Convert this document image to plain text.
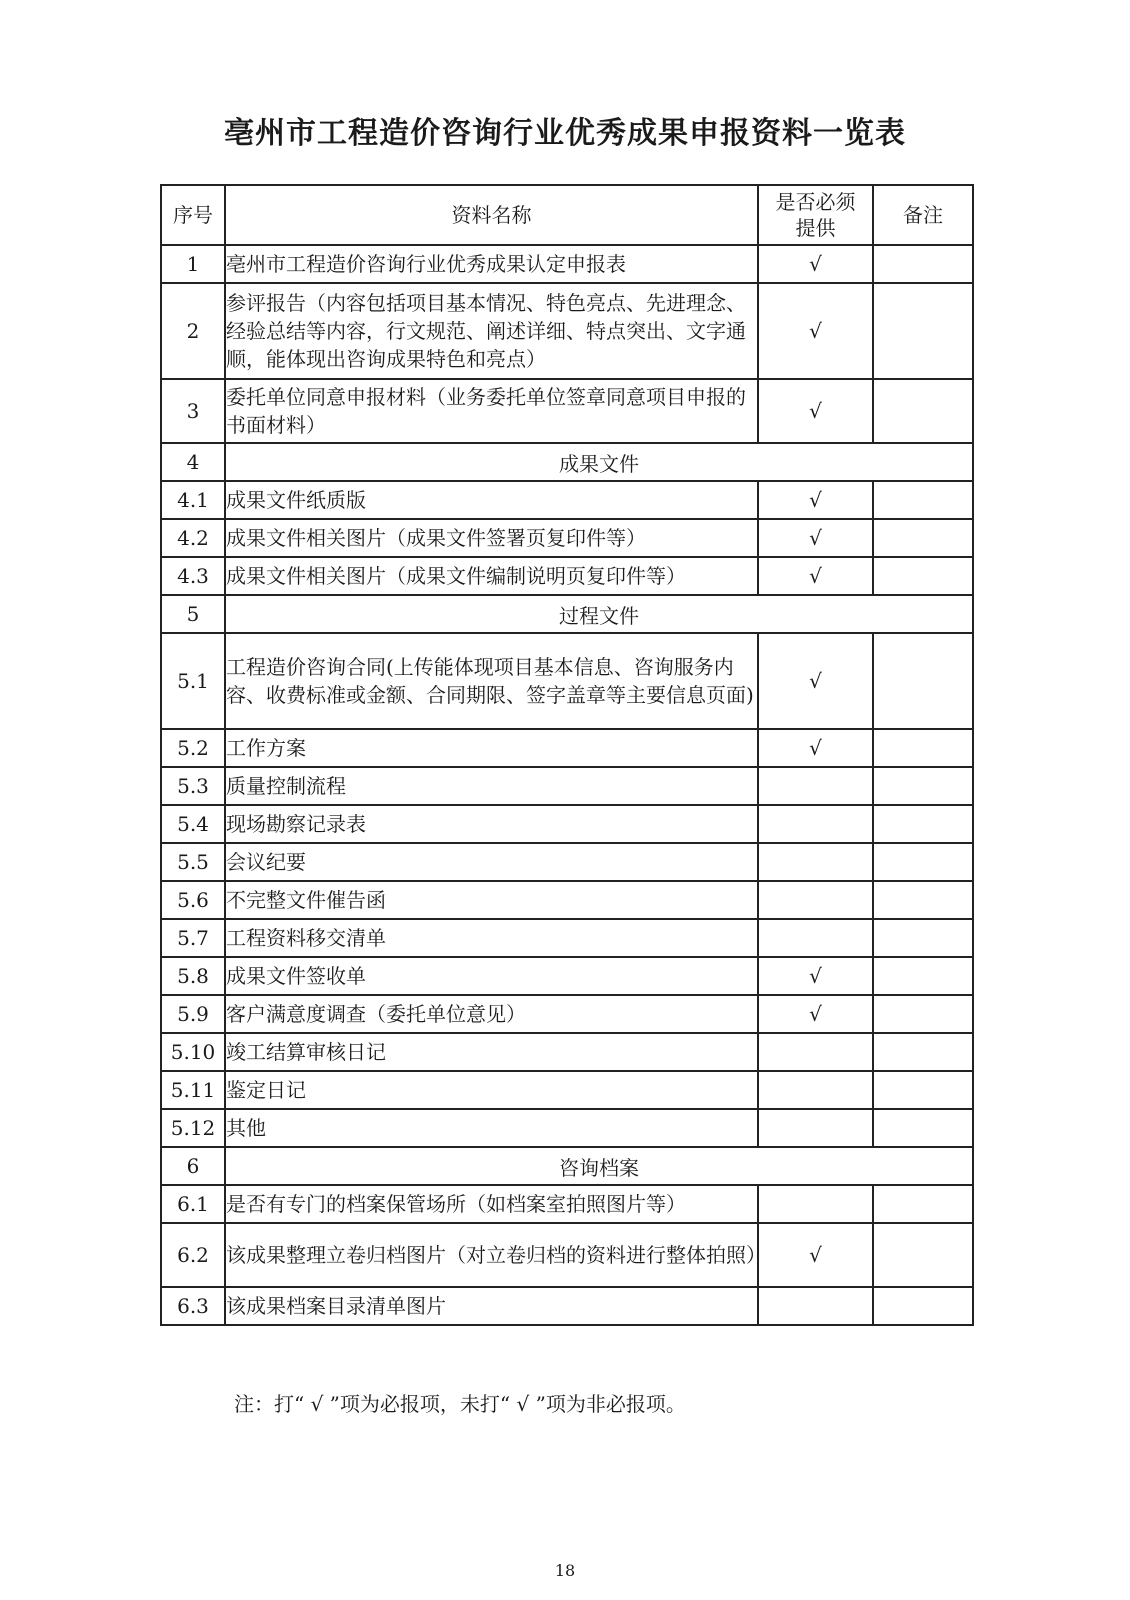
亳州市工程造价咨询行业优秀成果申报资料一览表
序号	资料名称	是否必须提供	备注
1	亳州市工程造价咨询行业优秀成果认定申报表	√	
2	参评报告（内容包括项目基本情况、特色亮点、先进理念、经验总结等内容，行文规范、阐述详细、特点突出、文字通顺，能体现出咨询成果特色和亮点）	√	
3	委托单位同意申报材料（业务委托单位签章同意项目申报的书面材料）	√	
4	成果文件		
4.1	成果文件纸质版	√	
4.2	成果文件相关图片（成果文件签署页复印件等）	√	
4.3	成果文件相关图片（成果文件编制说明页复印件等）	√	
5	过程文件		
5.1	工程造价咨询合同(上传能体现项目基本信息、咨询服务内容、收费标准或金额、合同期限、签字盖章等主要信息页面)	√	
5.2	工作方案	√	
5.3	质量控制流程		
5.4	现场勘察记录表		
5.5	会议纪要		
5.6	不完整文件催告函		
5.7	工程资料移交清单		
5.8	成果文件签收单	√	
5.9	客户满意度调查（委托单位意见）	√	
5.10	竣工结算审核日记		
5.11	鉴定日记		
5.12	其他		
6	咨询档案		
6.1	是否有专门的档案保管场所（如档案室拍照图片等）		
6.2	该成果整理立卷归档图片（对立卷归档的资料进行整体拍照）	√	
6.3	该成果档案目录清单图片		
注：打“ √ ”项为必报项，未打“ √ ”项为非必报项。
18
